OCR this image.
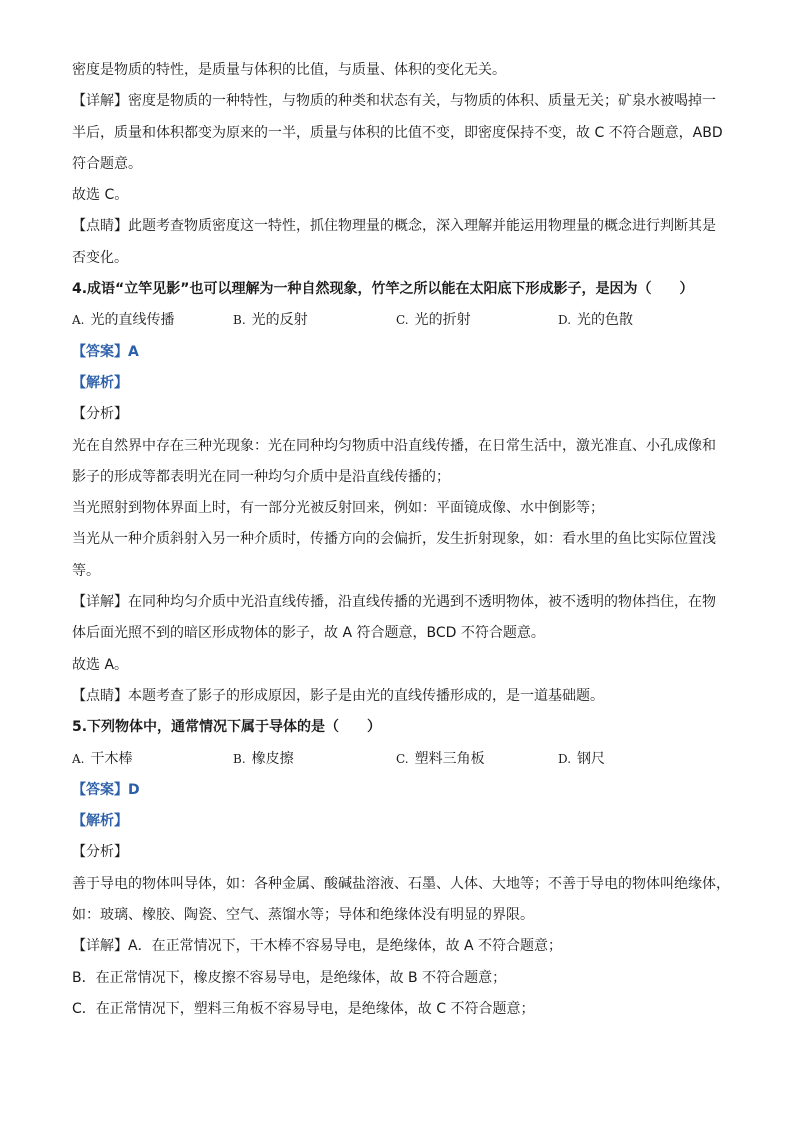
密度是物质的特性，是质量与体积的比值，与质量、体积的变化无关。
【详解】密度是物质的一种特性，与物质的种类和状态有关，与物质的体积、质量无关；矿泉水被喝掉一
半后，质量和体积都变为原来的一半，质量与体积的比值不变，即密度保持不变，故 C 不符合题意，ABD
符合题意。
故选 C。
【点睛】此题考查物质密度这一特性，抓住物理量的概念，深入理解并能运用物理量的概念进行判断其是
否变化。
4.成语“立竿见影”也可以理解为一种自然现象，竹竿之所以能在太阳底下形成影子，是因为（　　）
A. 光的直线传播	B. 光的反射	C. 光的折射	D. 光的色散
【答案】A
【解析】
【分析】
光在自然界中存在三种光现象：光在同种均匀物质中沿直线传播，在日常生活中，激光准直、小孔成像和
影子的形成等都表明光在同一种均匀介质中是沿直线传播的；
当光照射到物体界面上时，有一部分光被反射回来，例如：平面镜成像、水中倒影等；
当光从一种介质斜射入另一种介质时，传播方向的会偏折，发生折射现象，如：看水里的鱼比实际位置浅
等。
【详解】在同种均匀介质中光沿直线传播，沿直线传播的光遇到不透明物体，被不透明的物体挡住，在物
体后面光照不到的暗区形成物体的影子，故 A 符合题意，BCD 不符合题意。
故选 A。
【点睛】本题考查了影子的形成原因，影子是由光的直线传播形成的，是一道基础题。
5.下列物体中，通常情况下属于导体的是（　　）
A. 干木棒	B. 橡皮擦	C. 塑料三角板	D. 钢尺
【答案】D
【解析】
【分析】
善于导电的物体叫导体，如：各种金属、酸碱盐溶液、石墨、人体、大地等；不善于导电的物体叫绝缘体，
如：玻璃、橡胶、陶瓷、空气、蒸馏水等；导体和绝缘体没有明显的界限。
【详解】A．在正常情况下，干木棒不容易导电，是绝缘体，故 A 不符合题意；
B．在正常情况下，橡皮擦不容易导电，是绝缘体，故 B 不符合题意；
C．在正常情况下，塑料三角板不容易导电，是绝缘体，故 C 不符合题意；
